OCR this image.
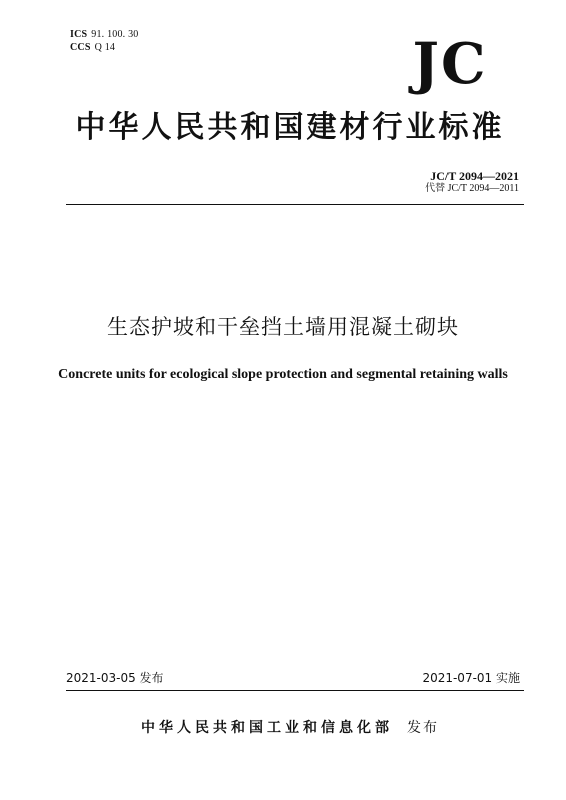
ICS 91. 100. 30
CCS Q 14	JC
中华人民共和国建材行业标准
JC/T 2094—2021
代替 JC/T 2094—2011
生态护坡和干垒挡土墙用混凝土砌块
Concrete units for ecological slope protection and segmental retaining walls
2021-03-05 发布	2021-07-01 实施
中华人民共和国工业和信息化部 发布
